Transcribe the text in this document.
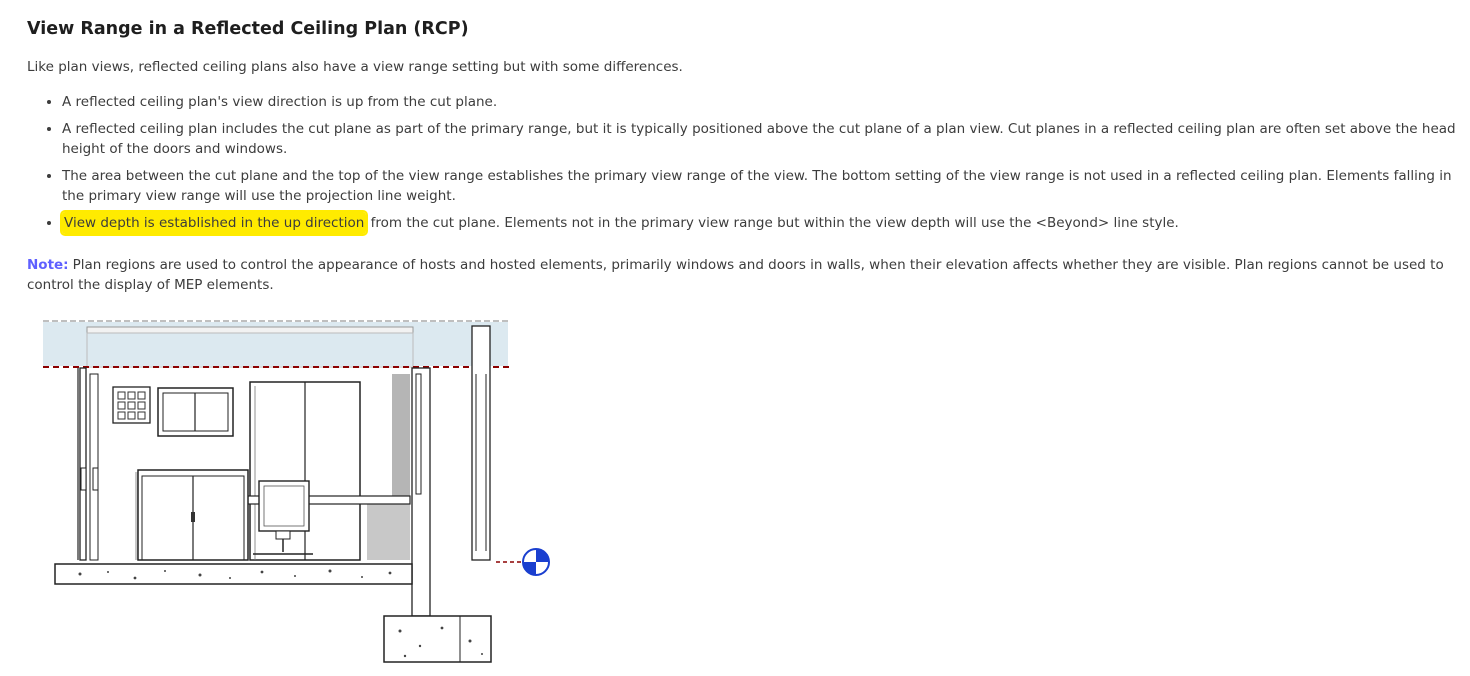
View Range in a Reflected Ceiling Plan (RCP)

Like plan views, reflected ceiling plans also have a view range setting but with some differences.

• A reflected ceiling plan's view direction is up from the cut plane.
• A reflected ceiling plan includes the cut plane as part of the primary range, but it is typically positioned above the cut plane of a plan view. Cut planes in a reflected ceiling plan are often set above the head height of the doors and windows.
• The area between the cut plane and the top of the view range establishes the primary view range of the view. The bottom setting of the view range is not used in a reflected ceiling plan. Elements falling in the primary view range will use the projection line weight.
• View depth is established in the up direction from the cut plane. Elements not in the primary view range but within the view depth will use the <Beyond> line style.

Note: Plan regions are used to control the appearance of hosts and hosted elements, primarily windows and doors in walls, when their elevation affects whether they are visible. Plan regions cannot be used to control the display of MEP elements.
